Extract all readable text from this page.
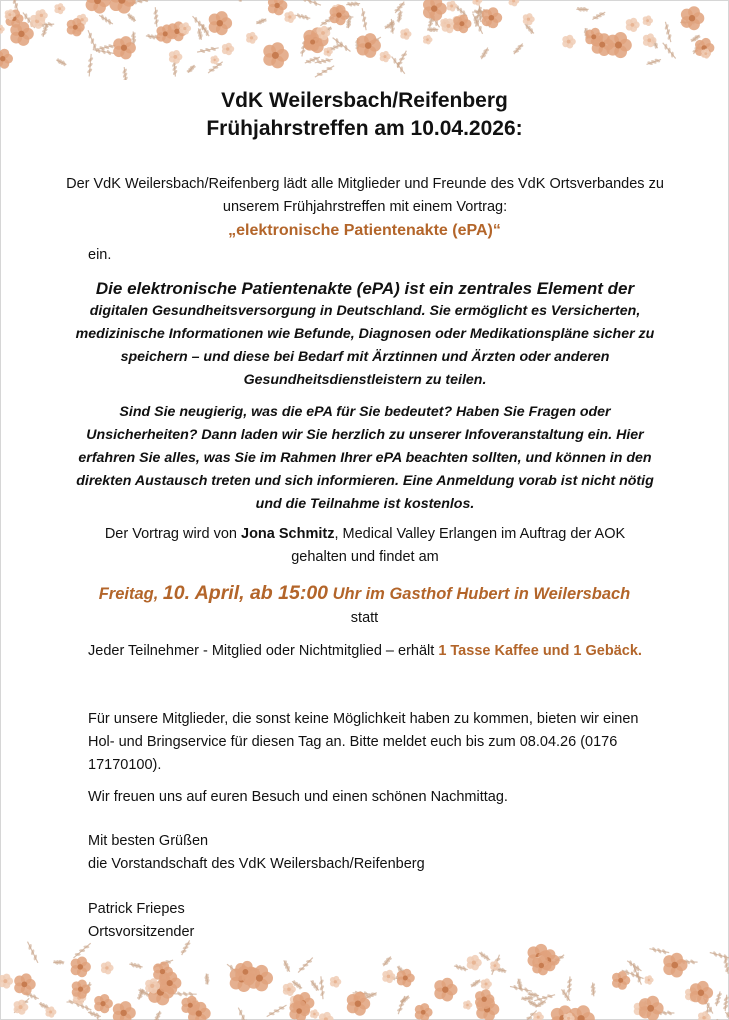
VdK Weilersbach/Reifenberg
Frühjahrstreffen am 10.04.2026:
Der VdK Weilersbach/Reifenberg lädt alle Mitglieder und Freunde des VdK Ortsverbandes zu unserem Frühjahrstreffen mit einem Vortrag:
„elektronische Patientenakte (ePA)“
ein.
Die elektronische Patientenakte (ePA) ist ein zentrales Element der
digitalen Gesundheitsversorgung in Deutschland. Sie ermöglicht es Versicherten, medizinische Informationen wie Befunde, Diagnosen oder Medikationspläne sicher zu speichern – und diese bei Bedarf mit Ärztinnen und Ärzten oder anderen Gesundheitsdienstleistern zu teilen.
Sind Sie neugierig, was die ePA für Sie bedeutet? Haben Sie Fragen oder Unsicherheiten? Dann laden wir Sie herzlich zu unserer Infoveranstaltung ein. Hier erfahren Sie alles, was Sie im Rahmen Ihrer ePA beachten sollten, und können in den direkten Austausch treten und sich informieren. Eine Anmeldung vorab ist nicht nötig und die Teilnahme ist kostenlos.
Der Vortrag wird von Jona Schmitz, Medical Valley Erlangen im Auftrag der AOK gehalten und findet am
Freitag, 10. April, ab 15:00 Uhr im Gasthof Hubert in Weilersbach
statt
Jeder Teilnehmer - Mitglied oder Nichtmitglied – erhält 1 Tasse Kaffee und 1 Gebäck.
Für unsere Mitglieder, die sonst keine Möglichkeit haben zu kommen, bieten wir einen Hol- und Bringservice für diesen Tag an. Bitte meldet euch bis zum 08.04.26 (0176 17170100).
Wir freuen uns auf euren Besuch und einen schönen Nachmittag.
Mit besten Grüßen
die Vorstandschaft des VdK Weilersbach/Reifenberg
Patrick Friepes
Ortsvorsitzender
